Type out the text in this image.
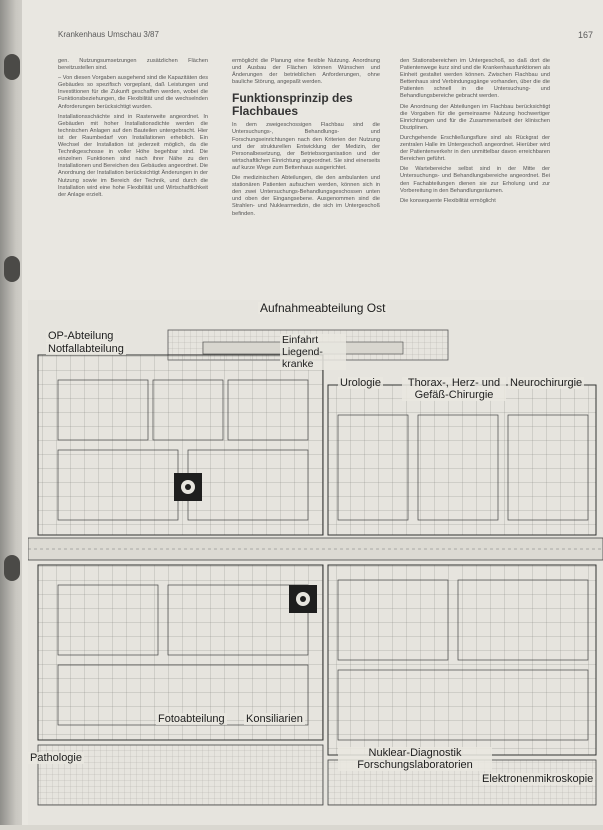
Krankenhaus Umschau 3/87	167

gen. Nutzungsumsetzungen zusätzlichen Flächen bereitzustellen sind.

– Von diesen Vorgaben ausgehend sind die Kapazitäten des Gebäudes so spezifisch vorgeplant, daß Leistungen und Investitionen für die Zukunft geschaffen werden, wobei die Funktionsbeziehungen, die Flexibilität und die wechselnden Anforderungen berücksichtigt wurden.

Installationsschächte sind in Rasterweite angeordnet. In Gebäuden mit hoher Installationsdichte werden die technischen Anlagen auf den Bauteilen untergebracht. Hier ist der Raumbedarf von Installationen erheblich. Ein Wechsel der Installation ist jederzeit möglich, da die Technikgeschosse in voller Höhe begehbar sind. Die einzelnen Funktionen sind nach ihrer Nähe zu den Installationen und Bereichen des Gebäudes angeordnet. Die Anordnung der Installation berücksichtigt Änderungen in der Nutzung sowie im Bereich der Technik, und durch die Installation wird eine hohe Flexibilität und Wirtschaftlichkeit der Anlage erzielt.

ermöglicht die Planung eine flexible Nutzung. Anordnung und Ausbau der Flächen können Wünschen und Änderungen der betrieblichen Anforderungen, ohne bauliche Störung, angepaßt werden.

Funktionsprinzip des Flachbaues

In dem zweigeschossigen Flachbau sind die Untersuchungs-, Behandlungs- und Forschungseinrichtungen nach den Kriterien der Nutzung und der strukturellen Entwicklung der Medizin, der Personalbesetzung, der Betriebsorganisation und der wirtschaftlichen Einrichtung angeordnet. Sie sind einerseits auf kurze Wege zum Bettenhaus ausgerichtet.

Die medizinischen Abteilungen, die den ambulanten und stationären Patienten aufsuchen werden, können sich in den zwei Untersuchungs-Behandlungsgeschossen unten und oben der Eingangsebene. Ausgenommen sind die Strahlen- und Nuklearmedizin, die sich im Untergeschoß befinden.

den Stationsbereichen im Untergeschoß, so daß dort die Patientenwege kurz sind und die Krankenhausfunktionen als Einheit gestaltet werden können. Zwischen Flachbau und Bettenhaus sind Verbindungsgänge vorhanden, über die die Patienten schnell in die Untersuchung- und Behandlungsbereiche gebracht werden.

Die Anordnung der Abteilungen im Flachbau berücksichtigt die Vorgaben für die gemeinsame Nutzung hochwertiger Einrichtungen und für die Zusammenarbeit der klinischen Disziplinen.

Durchgehende Erschließungsflure sind als Rückgrat der zentralen Halle im Untergeschoß angeordnet. Hierüber wird der Patientenverkehr in den unmittelbar davon erreichbaren Bereichen geführt.

Die Wartebereiche selbst sind in der Mitte der Untersuchungs- und Behandlungsbereiche angeordnet. Bei den Fachabteilungen dienen sie zur Erholung und zur Vorbereitung in den Behandlungsräumen.

Die konsequente Flexibilität ermöglicht

Aufnahmeabteilung Ost
OP-Abteilung
Notfallabteilung
Einfahrt Liegend-kranke
Urologie	Thorax-, Herz- und Gefäß-Chirurgie
Neurochirurgie
Fotoabteilung Konsiliarien
Nuklear-Diagnostik Forschungslaboratorien
Elektronenmikroskopie
Pathologie
